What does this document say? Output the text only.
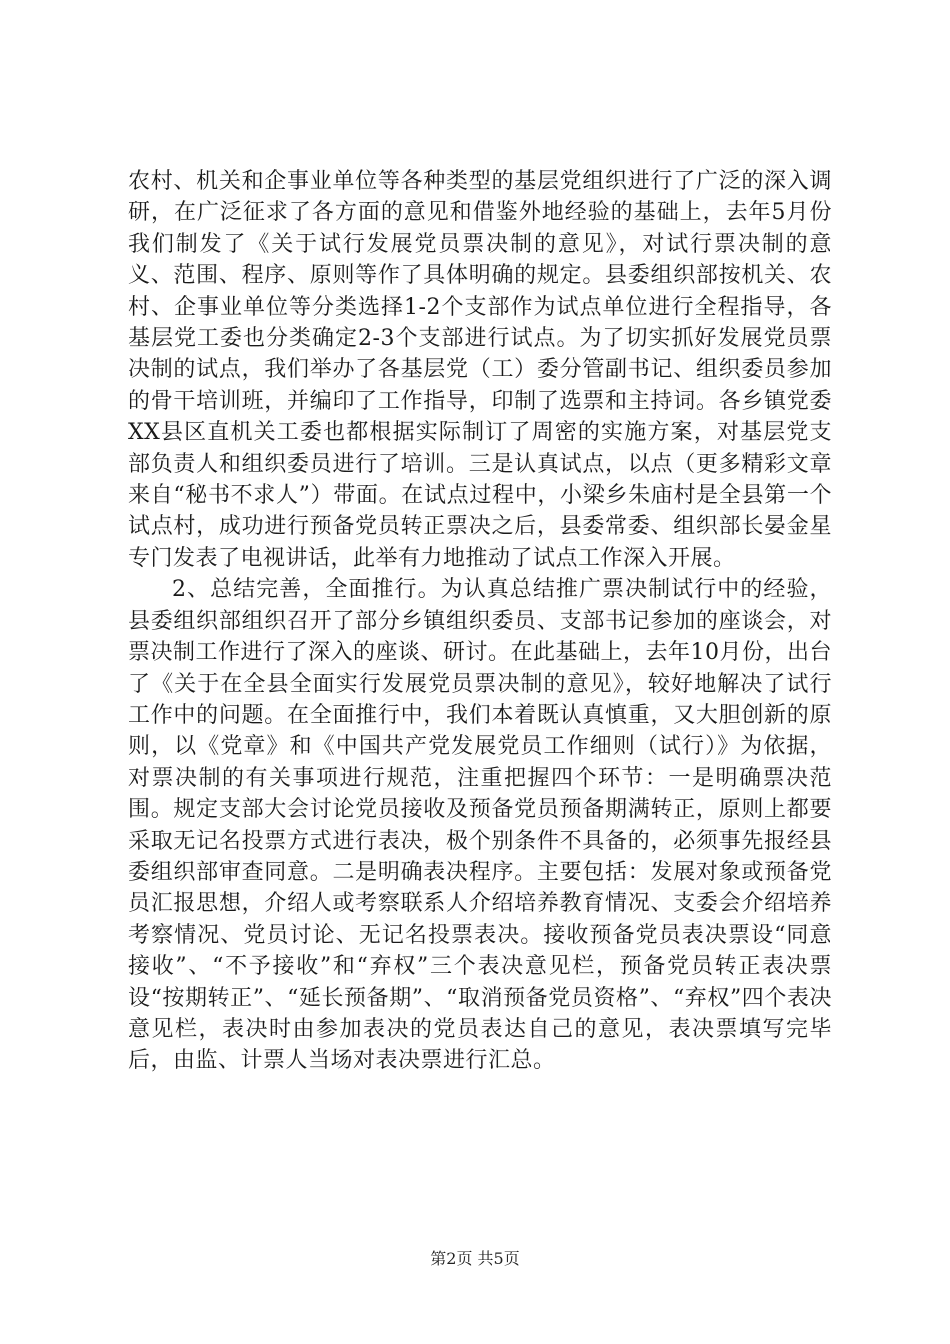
农村、机关和企事业单位等各种类型的基层党组织进行了广泛的深入调研，在广泛征求了各方面的意见和借鉴外地经验的基础上，去年5月份我们制发了《关于试行发展党员票决制的意见》，对试行票决制的意义、范围、程序、原则等作了具体明确的规定。县委组织部按机关、农村、企事业单位等分类选择1-2个支部作为试点单位进行全程指导，各基层党工委也分类确定2-3个支部进行试点。为了切实抓好发展党员票决制的试点，我们举办了各基层党（工）委分管副书记、组织委员参加的骨干培训班，并编印了工作指导，印制了选票和主持词。各乡镇党委XX县区直机关工委也都根据实际制订了周密的实施方案，对基层党支部负责人和组织委员进行了培训。三是认真试点，以点（更多精彩文章来自“秘书不求人”）带面。在试点过程中，小梁乡朱庙村是全县第一个试点村，成功进行预备党员转正票决之后，县委常委、组织部长晏金星专门发表了电视讲话，此举有力地推动了试点工作深入开展。

2、总结完善，全面推行。为认真总结推广票决制试行中的经验，县委组织部组织召开了部分乡镇组织委员、支部书记参加的座谈会，对票决制工作进行了深入的座谈、研讨。在此基础上，去年10月份，出台了《关于在全县全面实行发展党员票决制的意见》，较好地解决了试行工作中的问题。在全面推行中，我们本着既认真慎重，又大胆创新的原则，以《党章》和《中国共产党发展党员工作细则（试行）》为依据，对票决制的有关事项进行规范，注重把握四个环节：一是明确票决范围。规定支部大会讨论党员接收及预备党员预备期满转正，原则上都要采取无记名投票方式进行表决，极个别条件不具备的，必须事先报经县委组织部审查同意。二是明确表决程序。主要包括：发展对象或预备党员汇报思想，介绍人或考察联系人介绍培养教育情况、支委会介绍培养考察情况、党员讨论、无记名投票表决。接收预备党员表决票设“同意接收”、“不予接收”和“弃权”三个表决意见栏，预备党员转正表决票设“按期转正”、“延长预备期”、“取消预备党员资格”、“弃权”四个表决意见栏，表决时由参加表决的党员表达自己的意见，表决票填写完毕后，由监、计票人当场对表决票进行汇总。

第2页 共5页
